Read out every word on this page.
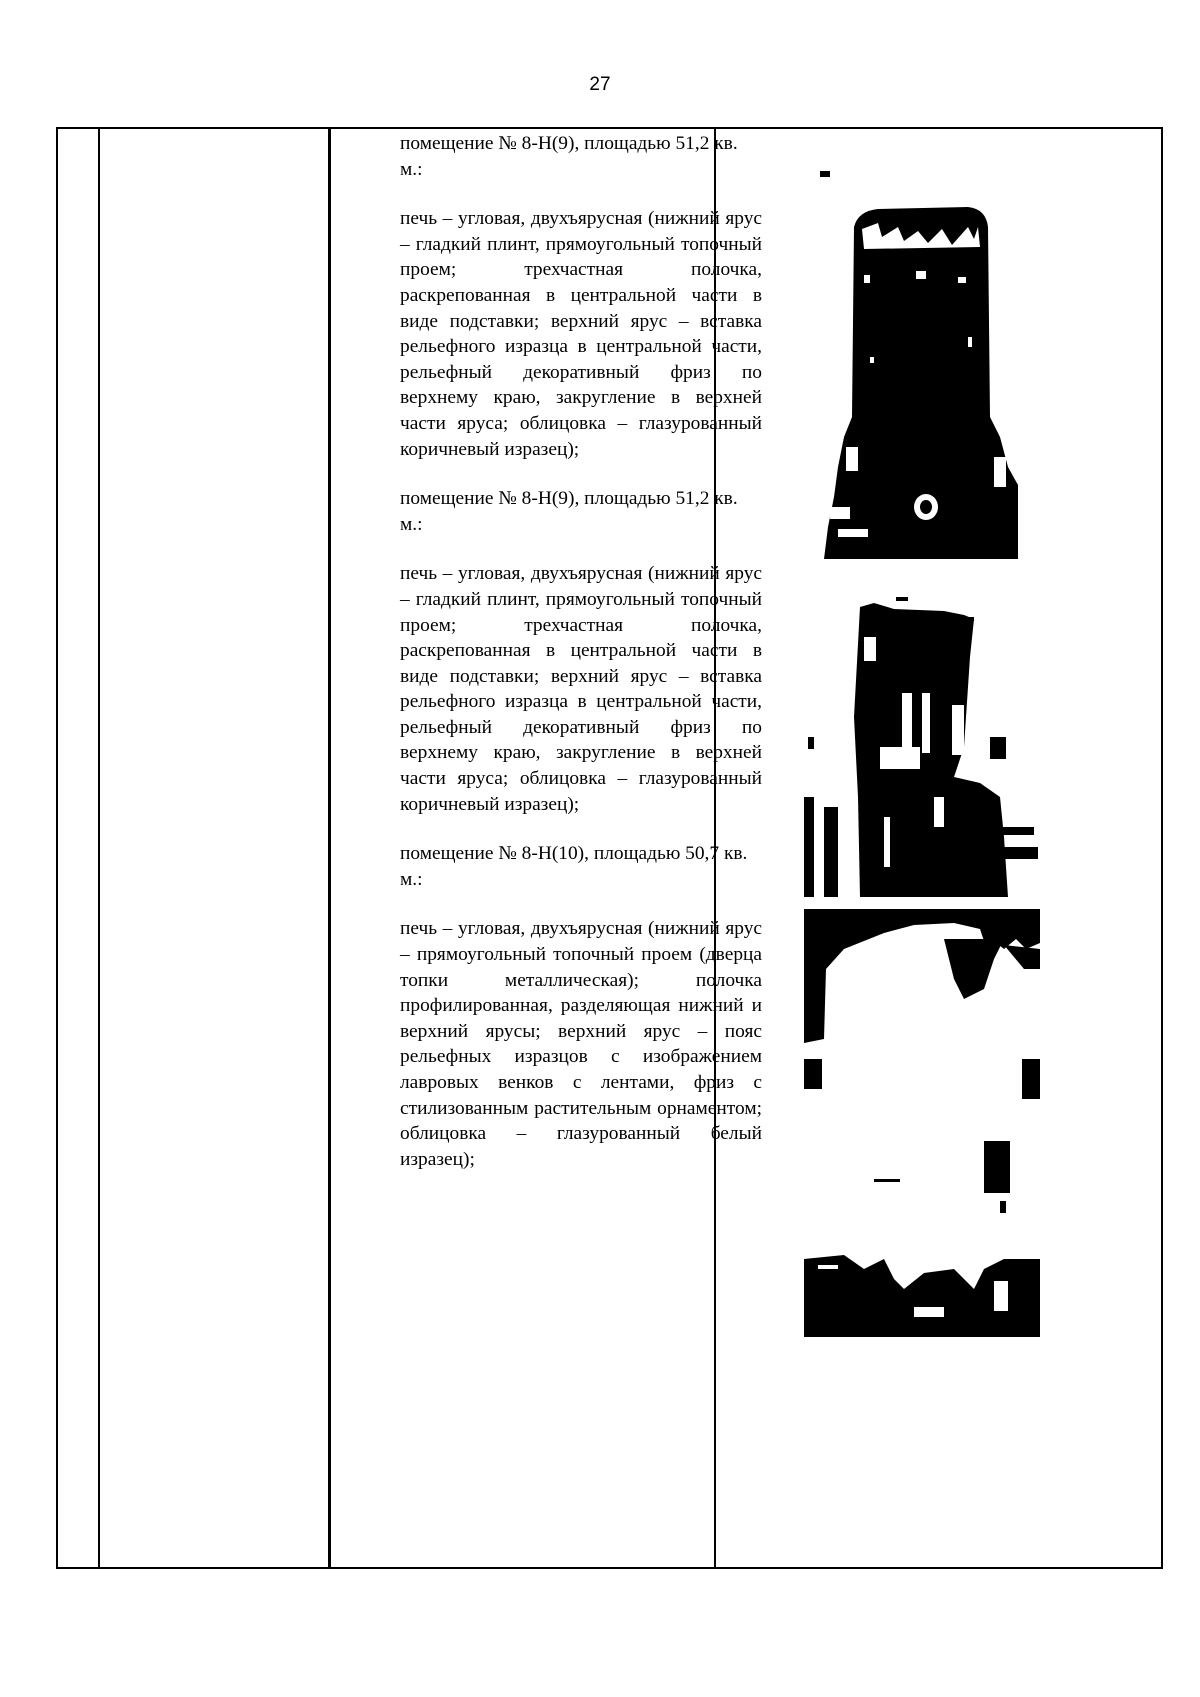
27

помещение № 8-Н(9), площадью 51,2 кв. м.:

печь – угловая, двухъярусная (нижний ярус – гладкий плинт, прямоугольный топочный проем; трехчастная полочка, раскрепованная в центральной части в виде подставки; верхний ярус – вставка рельефного изразца в центральной части, рельефный декоративный фриз по верхнему краю, закругление в верхней части яруса; облицовка – глазурованный коричневый изразец);

помещение № 8-Н(9), площадью 51,2 кв. м.:

печь – угловая, двухъярусная (нижний ярус – гладкий плинт, прямоугольный топочный проем; трехчастная полочка, раскрепованная в центральной части в виде подставки; верхний ярус – вставка рельефного изразца в центральной части, рельефный декоративный фриз по верхнему краю, закругление в верхней части яруса; облицовка – глазурованный коричневый изразец);

помещение № 8-Н(10), площадью 50,7 кв. м.:

печь – угловая, двухъярусная (нижний ярус – прямоугольный топочный проем (дверца топки металлическая); полочка профилированная, разделяющая нижний и верхний ярусы; верхний ярус – пояс рельефных изразцов с изображением лавровых венков с лентами, фриз с стилизованным растительным орнаментом; облицовка – глазурованный белый изразец);
